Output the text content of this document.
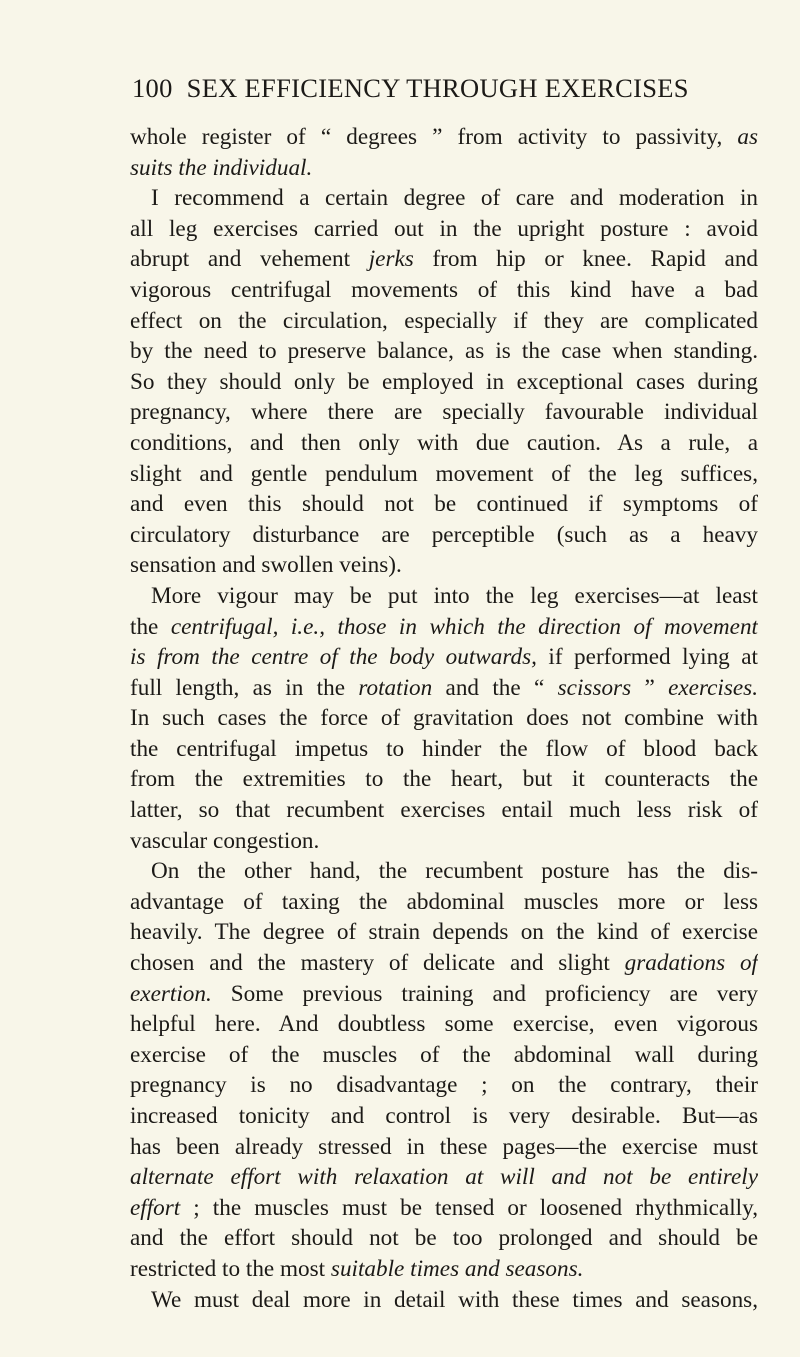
100 SEX EFFICIENCY THROUGH EXERCISES
whole register of “ degrees ” from activity to passivity, as
suits the individual.
I recommend a certain degree of care and moderation in
all leg exercises carried out in the upright posture : avoid
abrupt and vehement jerks from hip or knee. Rapid and
vigorous centrifugal movements of this kind have a bad
effect on the circulation, especially if they are complicated
by the need to preserve balance, as is the case when standing.
So they should only be employed in exceptional cases during
pregnancy, where there are specially favourable individual
conditions, and then only with due caution. As a rule, a
slight and gentle pendulum movement of the leg suffices,
and even this should not be continued if symptoms of
circulatory disturbance are perceptible (such as a heavy
sensation and swollen veins).
More vigour may be put into the leg exercises—at least
the centrifugal, i.e., those in which the direction of movement
is from the centre of the body outwards, if performed lying at
full length, as in the rotation and the “ scissors ” exercises.
In such cases the force of gravitation does not combine with
the centrifugal impetus to hinder the flow of blood back
from the extremities to the heart, but it counteracts the
latter, so that recumbent exercises entail much less risk of
vascular congestion.
On the other hand, the recumbent posture has the dis-
advantage of taxing the abdominal muscles more or less
heavily. The degree of strain depends on the kind of exercise
chosen and the mastery of delicate and slight gradations of
exertion. Some previous training and proficiency are very
helpful here. And doubtless some exercise, even vigorous
exercise of the muscles of the abdominal wall during
pregnancy is no disadvantage ; on the contrary, their
increased tonicity and control is very desirable. But—as
has been already stressed in these pages—the exercise must
alternate effort with relaxation at will and not be entirely
effort ; the muscles must be tensed or loosened rhythmically,
and the effort should not be too prolonged and should be
restricted to the most suitable times and seasons.
We must deal more in detail with these times and seasons,
